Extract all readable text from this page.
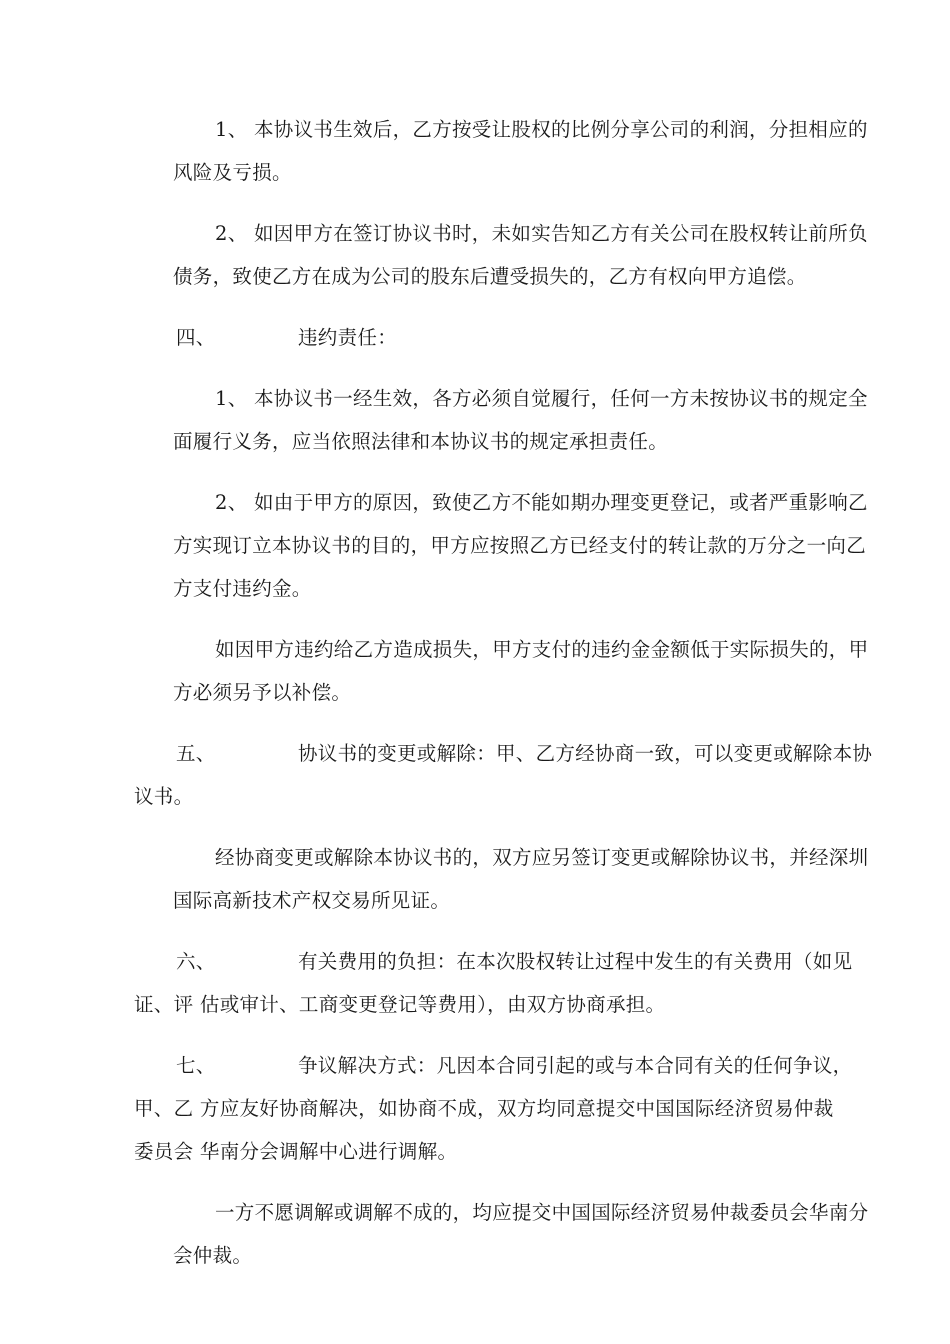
1、 本协议书生效后，乙方按受让股权的比例分享公司的利润，分担相应的
风险及亏损。
2、 如因甲方在签订协议书时，未如实告知乙方有关公司在股权转让前所负
债务，致使乙方在成为公司的股东后遭受损失的，乙方有权向甲方追偿。
四、	违约责任：
1、 本协议书一经生效，各方必须自觉履行，任何一方未按协议书的规定全
面履行义务，应当依照法律和本协议书的规定承担责任。
2、 如由于甲方的原因，致使乙方不能如期办理变更登记，或者严重影响乙
方实现订立本协议书的目的，甲方应按照乙方已经支付的转让款的万分之一向乙
方支付违约金。
如因甲方违约给乙方造成损失，甲方支付的违约金金额低于实际损失的，甲
方必须另予以补偿。
五、	协议书的变更或解除：甲、乙方经协商一致，可以变更或解除本协
议书。
经协商变更或解除本协议书的，双方应另签订变更或解除协议书，并经深圳
国际高新技术产权交易所见证。
六、	有关费用的负担：在本次股权转让过程中发生的有关费用（如见
证、评 估或审计、工商变更登记等费用），由双方协商承担。
七、	争议解决方式：凡因本合同引起的或与本合同有关的任何争议，
甲、乙 方应友好协商解决，如协商不成，双方均同意提交中国国际经济贸易仲裁
委员会 华南分会调解中心进行调解。
一方不愿调解或调解不成的，均应提交中国国际经济贸易仲裁委员会华南分
会仲裁。
